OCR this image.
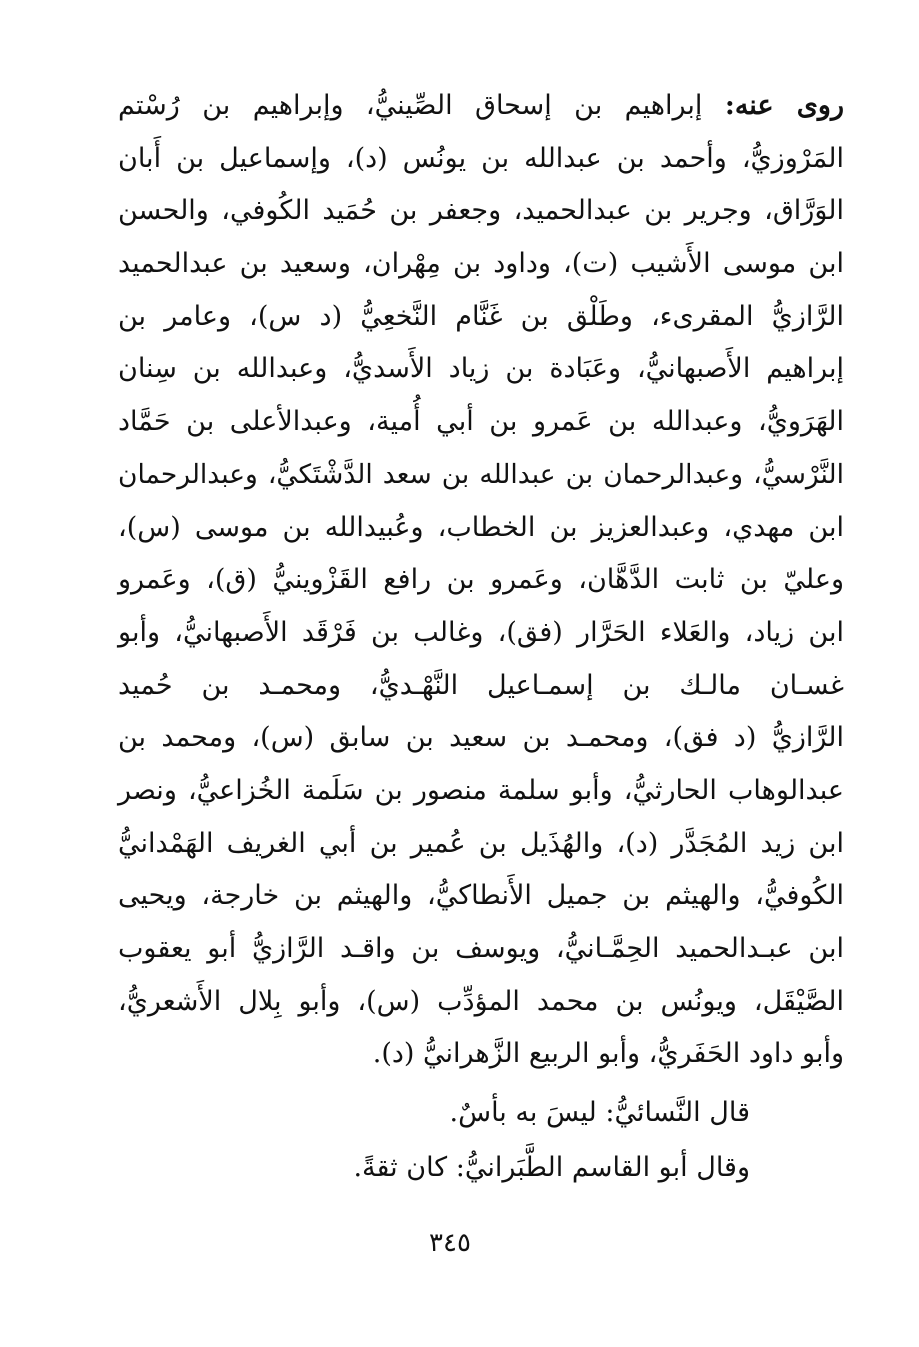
روى عنه: إبراهيم بن إسحاق الصِّينيُّ، وإبراهيم بن رُسْتم
المَرْوزيُّ، وأحمد بن عبدالله بن يونُس (د)، وإسماعيل بن أَبان
الوَرَّاق، وجرير بن عبدالحميد، وجعفر بن حُمَيد الكُوفي، والحسن
ابن موسى الأَشيب (ت)، وداود بن مِهْران، وسعيد بن عبدالحميد
الرَّازيُّ المقرىء، وطَلْق بن غَنَّام النَّخعِيُّ (د س)، وعامر بن
إبراهيم الأَصبهانيُّ، وعَبَادة بن زياد الأَسديُّ، وعبدالله بن سِنان
الهَرَويُّ، وعبدالله بن عَمرو بن أبي أُمية، وعبدالأعلى بن حَمَّاد
النَّرْسيُّ، وعبدالرحمان بن عبدالله بن سعد الدَّشْتَكيُّ، وعبدالرحمان
ابن مهدي، وعبدالعزيز بن الخطاب، وعُبيدالله بن موسى (س)،
وعليّ بن ثابت الدَّهَّان، وعَمرو بن رافع القَزْوينيُّ (ق)، وعَمرو
ابن زياد، والعَلاء الحَرَّار (فق)، وغالب بن فَرْقَد الأَصبهانيُّ، وأبو
غسـان مالـك بن إسمـاعيل النَّهْـديُّ، ومحمـد بن حُميد
الرَّازيُّ (د فق)، ومحمـد بن سعيد بن سابق (س)، ومحمد بن
عبدالوهاب الحارثيُّ، وأبو سلمة منصور بن سَلَمة الخُزاعيُّ، ونصر
ابن زيد المُجَدَّر (د)، والهُذَيل بن عُمير بن أبي الغريف الهَمْدانيُّ
الكُوفيُّ، والهيثم بن جميل الأَنطاكيُّ، والهيثم بن خارجة، ويحيى
ابن عبـدالحميد الحِمَّـانيُّ، ويوسف بن واقـد الرَّازيُّ أبو يعقوب
الصَّيْقَل، ويونُس بن محمد المؤدِّب (س)، وأبو بِلال الأَشعريُّ،
وأبو داود الحَفَريُّ، وأبو الربيع الزَّهرانيُّ (د).
قال النَّسائيُّ: ليسَ به بأسٌ.
وقال أبو القاسم الطَّبَرانيُّ: كان ثقةً.
٣٤٥
